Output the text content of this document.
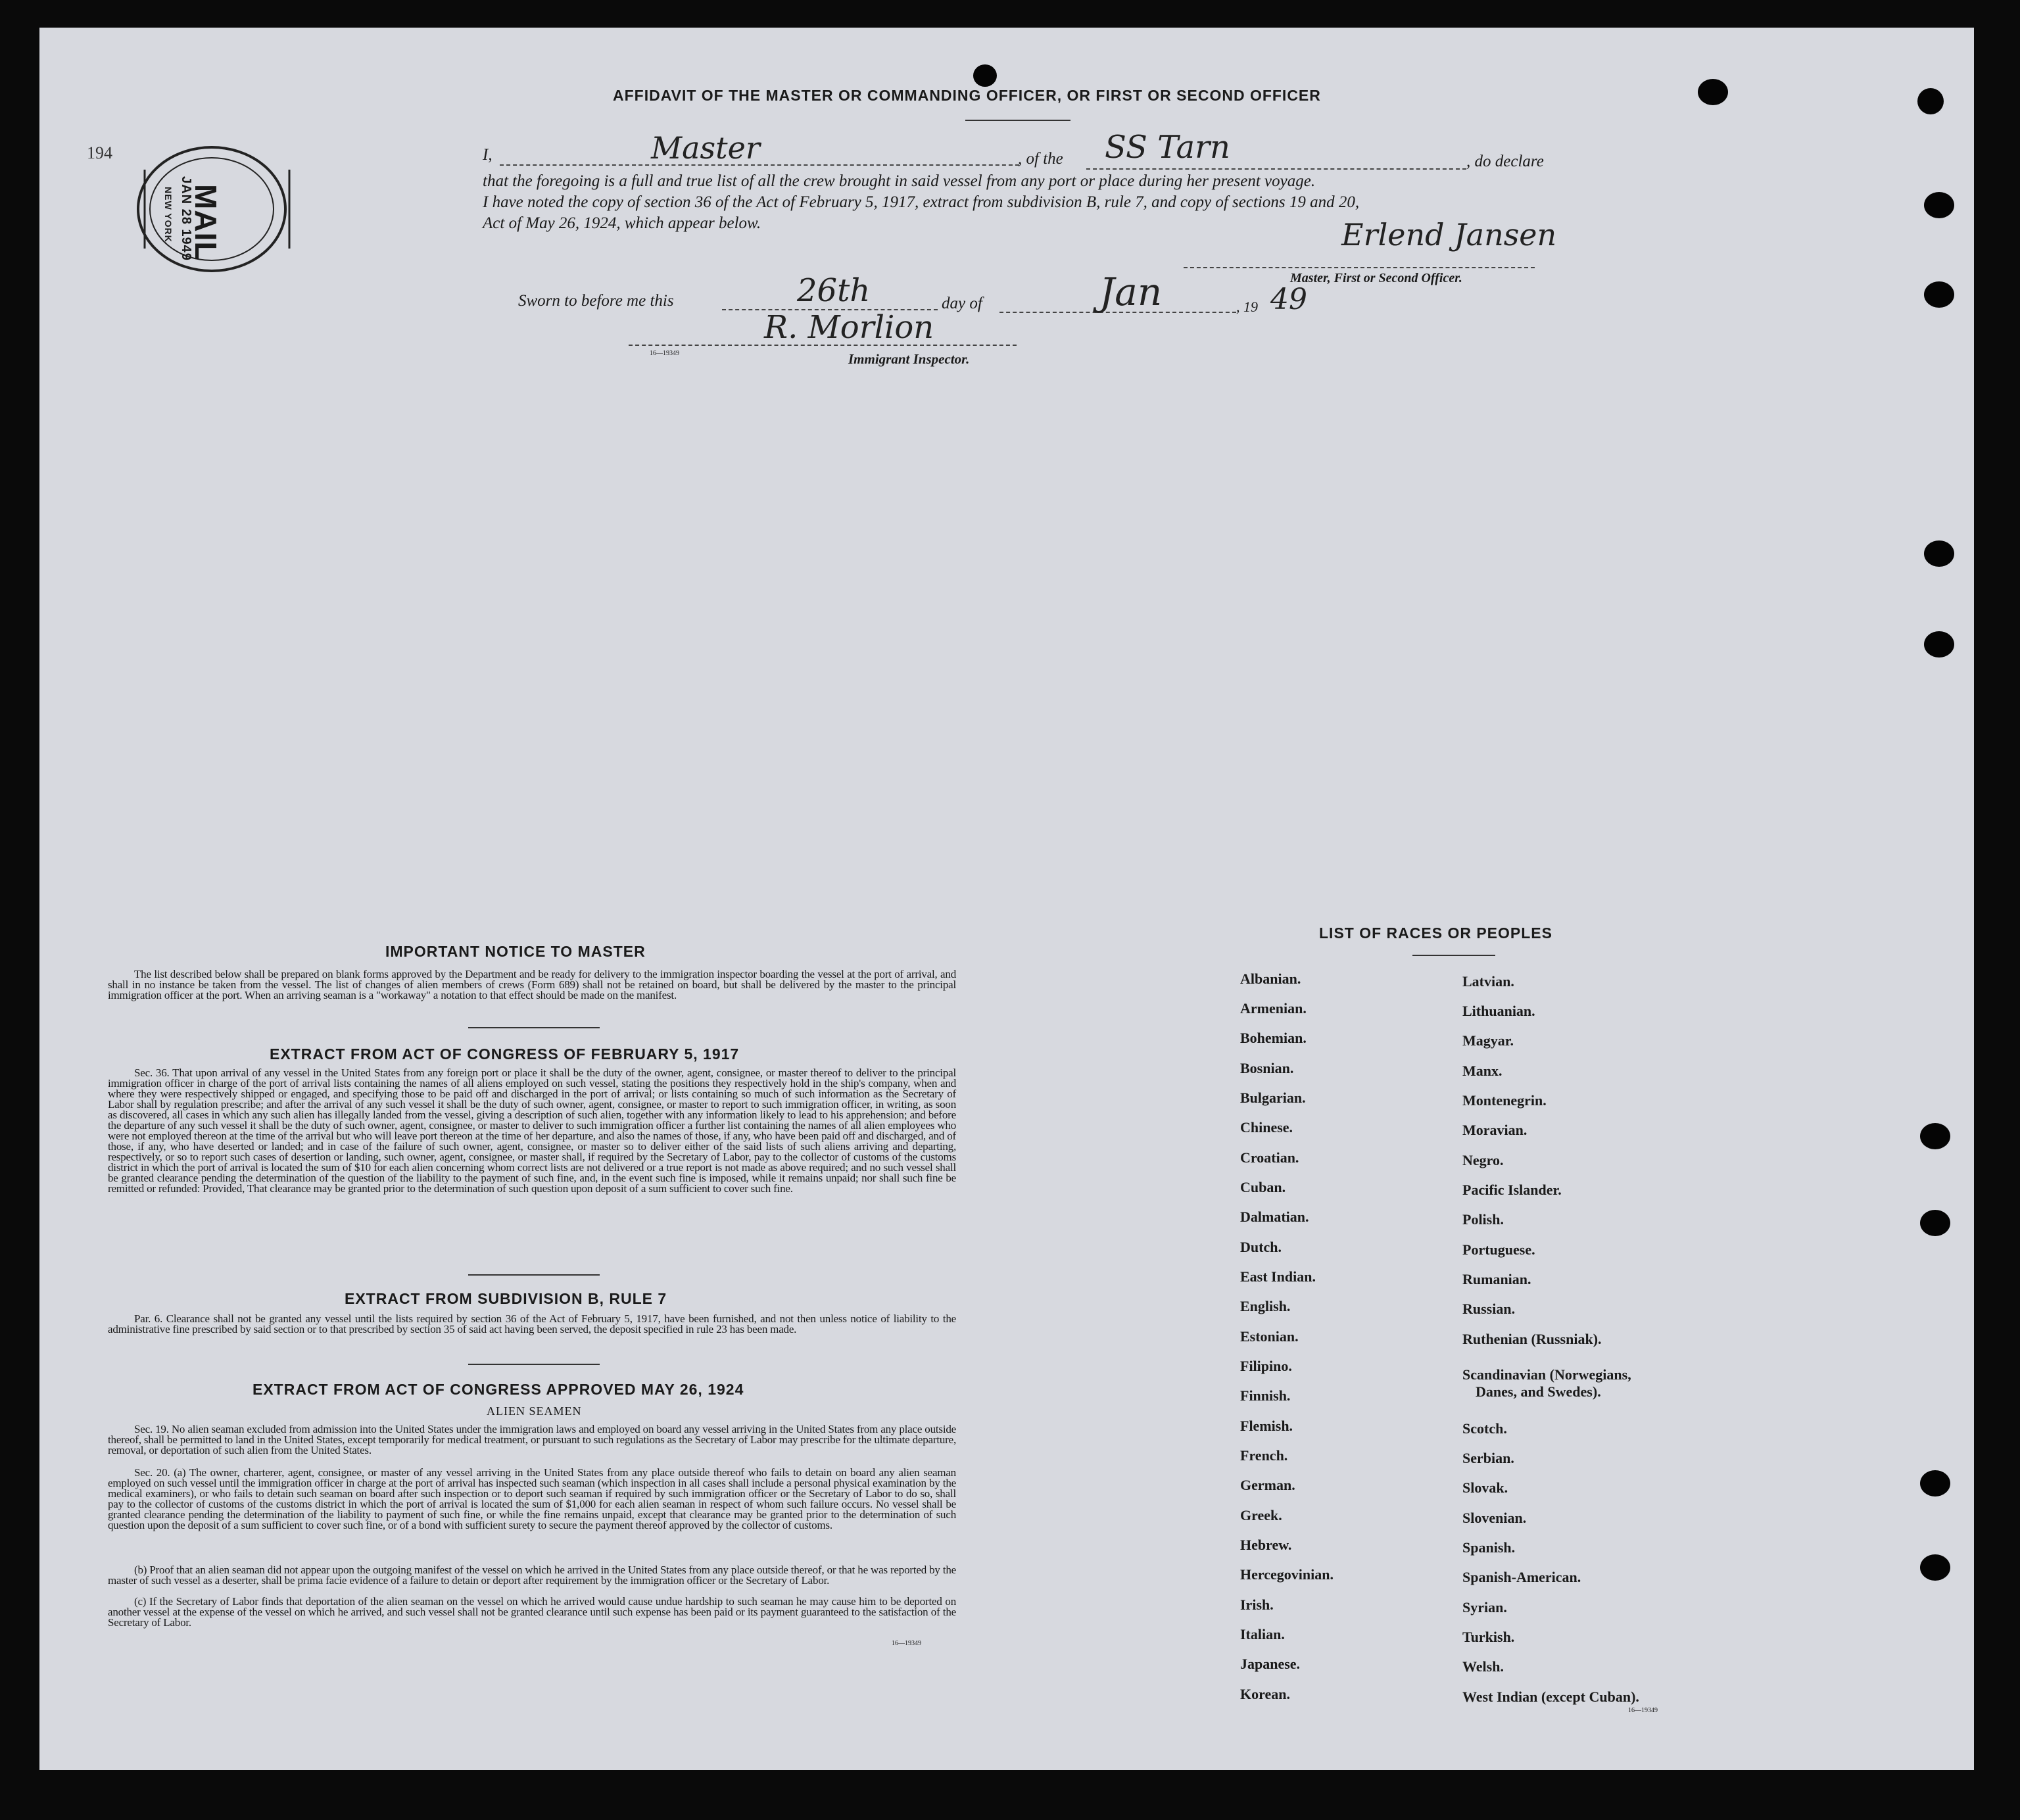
AFFIDAVIT OF THE MASTER OR COMMANDING OFFICER, OR FIRST OR SECOND OFFICER
194
MAIL
JAN 28 1949
NEW YORK
I,	Master	, of the SS Tarn	, do declare
that the foregoing is a full and true list of all the crew brought in said vessel from any port or place during her present voyage.
I have noted the copy of section 36 of the Act of February 5, 1917, extract from subdivision B, rule 7, and copy of sections 19 and 20,
Act of May 26, 1924, which appear below.	Erlend Jansen
Master, First or Second Officer.
Sworn to before me this	26th	day of	Jan	, 19 49
R. Morlion
16—19349	Immigrant Inspector.
IMPORTANT NOTICE TO MASTER
The list described below shall be prepared on blank forms approved by the Department and be ready for delivery to the immigration inspector boarding the vessel at the port of arrival, and shall in no instance be taken from the vessel. The list of changes of alien members of crews (Form 689) shall not be retained on board, but shall be delivered by the master to the principal immigration officer at the port. When an arriving seaman is a "workaway" a notation to that effect should be made on the manifest.
EXTRACT FROM ACT OF CONGRESS OF FEBRUARY 5, 1917
Sec. 36. That upon arrival of any vessel in the United States from any foreign port or place it shall be the duty of the owner, agent, consignee, or master thereof to deliver to the principal immigration officer in charge of the port of arrival lists containing the names of all aliens employed on such vessel, stating the positions they respectively hold in the ship's company, when and where they were respectively shipped or engaged, and specifying those to be paid off and discharged in the port of arrival; or lists containing so much of such information as the Secretary of Labor shall by regulation prescribe; and after the arrival of any such vessel it shall be the duty of such owner, agent, consignee, or master to report to such immigration officer, in writing, as soon as discovered, all cases in which any such alien has illegally landed from the vessel, giving a description of such alien, together with any information likely to lead to his apprehension; and before the departure of any such vessel it shall be the duty of such owner, agent, consignee, or master to deliver to such immigration officer a further list containing the names of all alien employees who were not employed thereon at the time of the arrival but who will leave port thereon at the time of her departure, and also the names of those, if any, who have been paid off and discharged, and of those, if any, who have deserted or landed; and in case of the failure of such owner, agent, consignee, or master so to deliver either of the said lists of such aliens arriving and departing, respectively, or so to report such cases of desertion or landing, such owner, agent, consignee, or master shall, if required by the Secretary of Labor, pay to the collector of customs of the customs district in which the port of arrival is located the sum of $10 for each alien concerning whom correct lists are not delivered or a true report is not made as above required; and no such vessel shall be granted clearance pending the determination of the question of the liability to the payment of such fine, and, in the event such fine is imposed, while it remains unpaid; nor shall such fine be remitted or refunded: Provided, That clearance may be granted prior to the determination of such question upon deposit of a sum sufficient to cover such fine.
EXTRACT FROM SUBDIVISION B, RULE 7
Par. 6. Clearance shall not be granted any vessel until the lists required by section 36 of the Act of February 5, 1917, have been furnished, and not then unless notice of liability to the administrative fine prescribed by said section or to that prescribed by section 35 of said act having been served, the deposit specified in rule 23 has been made.
EXTRACT FROM ACT OF CONGRESS APPROVED MAY 26, 1924
ALIEN SEAMEN
Sec. 19. No alien seaman excluded from admission into the United States under the immigration laws and employed on board any vessel arriving in the United States from any place outside thereof, shall be permitted to land in the United States, except temporarily for medical treatment, or pursuant to such regulations as the Secretary of Labor may prescribe for the ultimate departure, removal, or deportation of such alien from the United States.
Sec. 20. (a) The owner, charterer, agent, consignee, or master of any vessel arriving in the United States from any place outside thereof who fails to detain on board any alien seaman employed on such vessel until the immigration officer in charge at the port of arrival has inspected such seaman (which inspection in all cases shall include a personal physical examination by the medical examiners), or who fails to detain such seaman on board after such inspection or to deport such seaman if required by such immigration officer or the Secretary of Labor to do so, shall pay to the collector of customs of the customs district in which the port of arrival is located the sum of $1,000 for each alien seaman in respect of whom such failure occurs. No vessel shall be granted clearance pending the determination of the liability to payment of such fine, or while the fine remains unpaid, except that clearance may be granted prior to the determination of such question upon the deposit of a sum sufficient to cover such fine, or of a bond with sufficient surety to secure the payment thereof approved by the collector of customs.
(b) Proof that an alien seaman did not appear upon the outgoing manifest of the vessel on which he arrived in the United States from any place outside thereof, or that he was reported by the master of such vessel as a deserter, shall be prima facie evidence of a failure to detain or deport after requirement by the immigration officer or the Secretary of Labor.
(c) If the Secretary of Labor finds that deportation of the alien seaman on the vessel on which he arrived would cause undue hardship to such seaman he may cause him to be deported on another vessel at the expense of the vessel on which he arrived, and such vessel shall not be granted clearance until such expense has been paid or its payment guaranteed to the satisfaction of the Secretary of Labor.
16—19349
LIST OF RACES OR PEOPLES
Albanian.
Armenian.
Bohemian.
Bosnian.
Bulgarian.
Chinese.
Croatian.
Cuban.
Dalmatian.
Dutch.
East Indian.
English.
Estonian.
Filipino.
Finnish.
Flemish.
French.
German.
Greek.
Hebrew.
Hercegovinian.
Irish.
Italian.
Japanese.
Korean.
Latvian.
Lithuanian.
Magyar.
Manx.
Montenegrin.
Moravian.
Negro.
Pacific Islander.
Polish.
Portuguese.
Rumanian.
Russian.
Ruthenian (Russniak).
Scandinavian (Norwegians,
Danes, and Swedes).
Scotch.
Serbian.
Slovak.
Slovenian.
Spanish.
Spanish-American.
Syrian.
Turkish.
Welsh.
West Indian (except Cuban).
16—19349
